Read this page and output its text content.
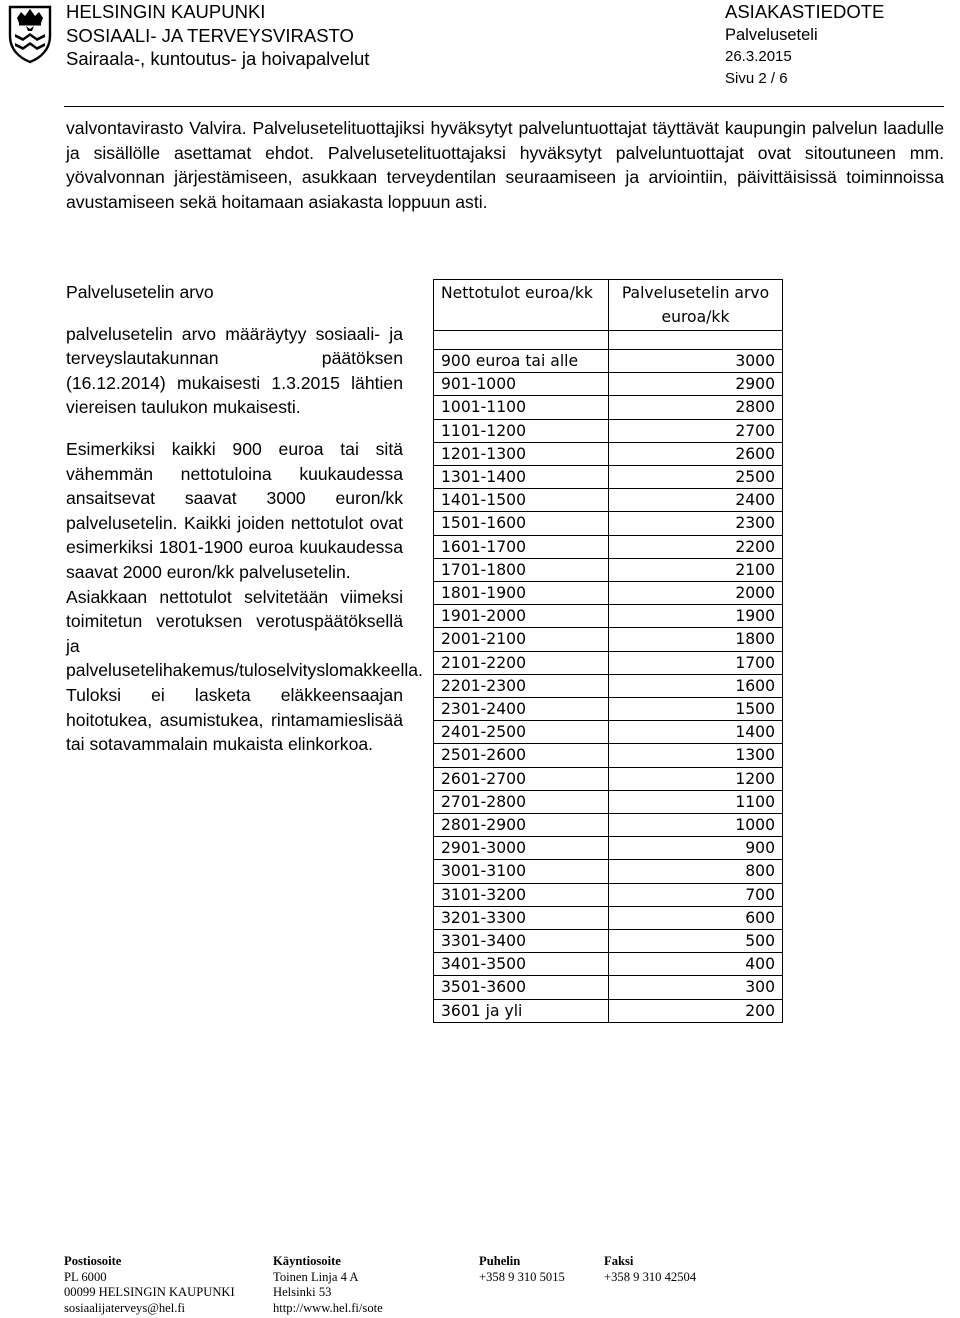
HELSINGIN KAUPUNKI
SOSIAALI- JA TERVEYSVIRASTO
Sairaala-, kuntoutus- ja hoivapalvelut
ASIAKASTIEDOTE
Palveluseteli
26.3.2015
Sivu 2 / 6

valvontavirasto Valvira. Palvelusetelituottajiksi hyväksytyt palveluntuottajat täyttävät kaupungin palvelun laadulle ja sisällölle asettamat ehdot. Palvelusetelituottajaksi hyväksytyt palveluntuottajat ovat sitoutuneen mm. yövalvonnan järjestämiseen, asukkaan terveydentilan seuraamiseen ja arviointiin, päivittäisissä toiminnoissa avustamiseen sekä hoitamaan asiakasta loppuun asti.

Palvelusetelin arvo

palvelusetelin arvo määräytyy sosiaali- ja terveyslautakunnan päätöksen (16.12.2014) mukaisesti 1.3.2015 lähtien viereisen taulukon mukaisesti.

Esimerkiksi kaikki 900 euroa tai sitä vähemmän nettotuloina kuukaudessa ansaitsevat saavat 3000 euron/kk palvelusetelin. Kaikki joiden nettotulot ovat esimerkiksi 1801-1900 euroa kuukaudessa saavat 2000 euron/kk palvelusetelin.

Asiakkaan nettotulot selvitetään viimeksi toimitetun verotuksen verotuspäätöksellä ja palvelusetelihakemus/tuloselvityslomakkeella.

Tuloksi ei lasketa eläkkeensaajan hoitotukea, asumistukea, rintamamieslisää tai sotavammalain mukaista elinkorkoa.

Nettotulot euroa/kk	Palvelusetelin arvo euroa/kk

900 euroa tai alle	3000
901-1000	2900
1001-1100	2800
1101-1200	2700
1201-1300	2600
1301-1400	2500
1401-1500	2400
1501-1600	2300
1601-1700	2200
1701-1800	2100
1801-1900	2000
1901-2000	1900
2001-2100	1800
2101-2200	1700
2201-2300	1600
2301-2400	1500
2401-2500	1400
2501-2600	1300
2601-2700	1200
2701-2800	1100
2801-2900	1000
2901-3000	900
3001-3100	800
3101-3200	700
3201-3300	600
3301-3400	500
3401-3500	400
3501-3600	300
3601 ja yli	200
Postiosoite
PL 6000
00099 HELSINGIN KAUPUNKI
sosiaalijaterveys@hel.fi
Käyntiosoite
Toinen Linja 4 A
Helsinki 53
http://www.hel.fi/sote
Puhelin
+358 9 310 5015
Faksi
+358 9 310 42504
